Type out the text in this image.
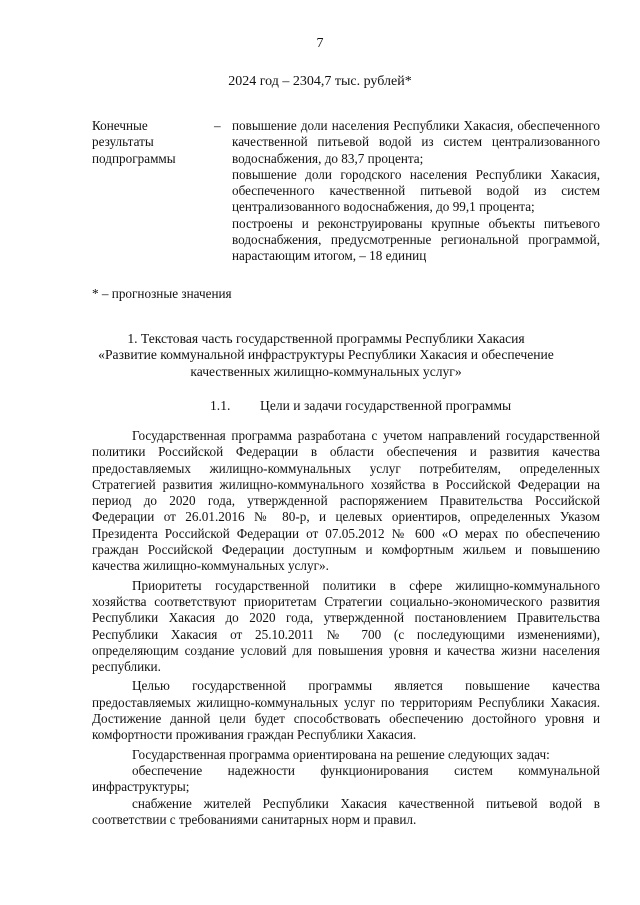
7
2024 год – 2304,7 тыс. рублей*
Конечные
результаты
подпрограммы
– повышение доли населения Республики Хакасия, обеспеченного качественной питьевой водой из систем централизованного водоснабжения, до 83,7 процента;

повышение доли городского населения Республики Хакасия, обеспеченного качественной питьевой водой из систем централизованного водоснабжения, до 99,1 процента;

построены и реконструированы крупные объекты питьевого водоснабжения, предусмотренные региональной программой, нарастающим итогом, – 18 единиц

* – прогнозные значения
1. Текстовая часть государственной программы Республики Хакасия
«Развитие коммунальной инфраструктуры Республики Хакасия и обеспечение
качественных жилищно-коммунальных услуг»
1.1. Цели и задачи государственной программы

Государственная программа разработана с учетом направлений государственной политики Российской Федерации в области обеспечения и развития качества предоставляемых жилищно-коммунальных услуг потребителям, определенных Стратегией развития жилищно-коммунального хозяйства в Российской Федерации на период до 2020 года, утвержденной распоряжением Правительства Российской Федерации от 26.01.2016 № 80-р, и целевых ориентиров, определенных Указом Президента Российской Федерации от 07.05.2012 № 600 «О мерах по обеспечению граждан Российской Федерации доступным и комфортным жильем и повышению качества жилищно-коммунальных услуг».

Приоритеты государственной политики в сфере жилищно-коммунального хозяйства соответствуют приоритетам Стратегии социально-экономического развития Республики Хакасия до 2020 года, утвержденной постановлением Правительства Республики Хакасия от 25.10.2011 № 700 (с последующими изменениями), определяющим создание условий для повышения уровня и качества жизни населения республики.

Целью государственной программы является повышение качества предоставляемых жилищно-коммунальных услуг по территориям Республики Хакасия. Достижение данной цели будет способствовать обеспечению достойного уровня и комфортности проживания граждан Республики Хакасия.

Государственная программа ориентирована на решение следующих задач:

обеспечение надежности функционирования систем коммунальной инфраструктуры;

снабжение жителей Республики Хакасия качественной питьевой водой в соответствии с требованиями санитарных норм и правил.
